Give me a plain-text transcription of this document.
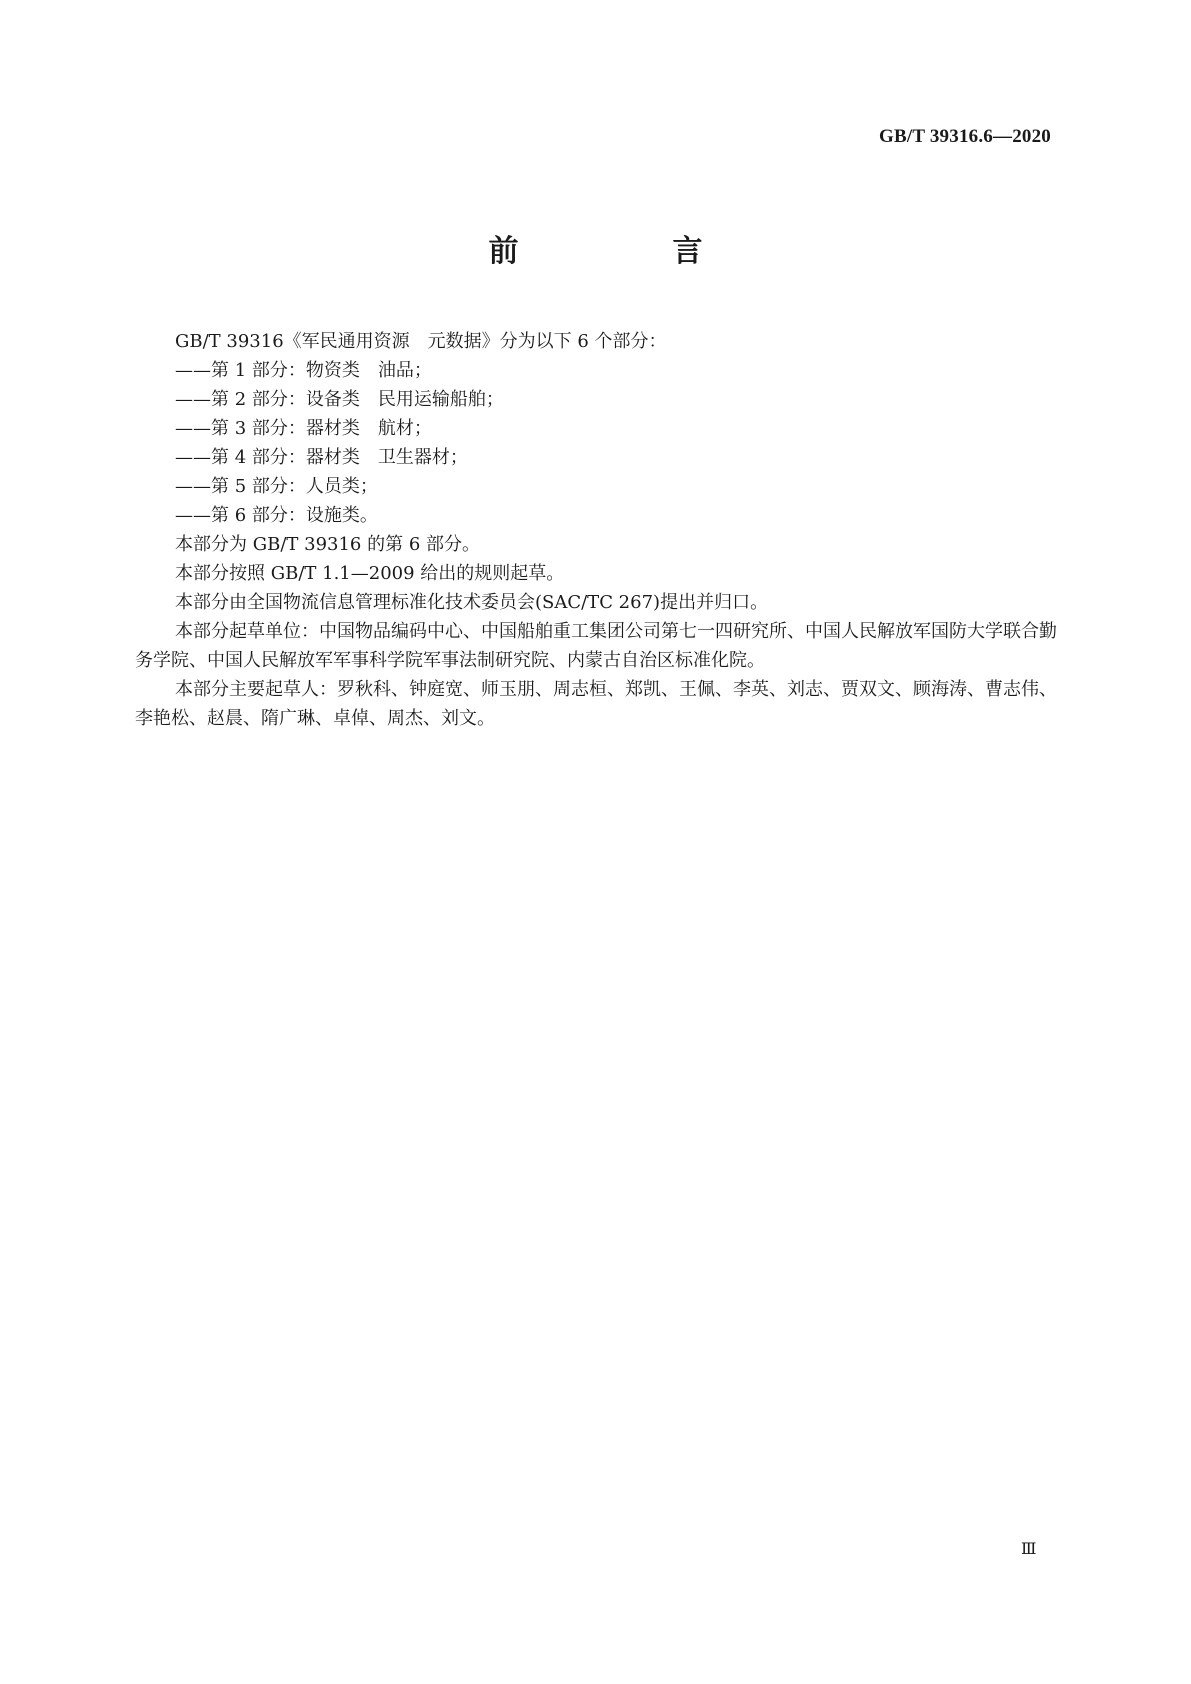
GB/T 39316.6—2020
前　言

GB/T 39316《军民通用资源　元数据》分为以下 6 个部分：

——第 1 部分：物资类　油品；

——第 2 部分：设备类　民用运输船舶；

——第 3 部分：器材类　航材；

——第 4 部分：器材类　卫生器材；

——第 5 部分：人员类；

——第 6 部分：设施类。

本部分为 GB/T 39316 的第 6 部分。

本部分按照 GB/T 1.1—2009 给出的规则起草。

本部分由全国物流信息管理标准化技术委员会(SAC/TC 267)提出并归口。

本部分起草单位：中国物品编码中心、中国船舶重工集团公司第七一四研究所、中国人民解放军国防大学联合勤务学院、中国人民解放军军事科学院军事法制研究院、内蒙古自治区标准化院。

本部分主要起草人：罗秋科、钟庭宽、师玉朋、周志桓、郑凯、王佩、李英、刘志、贾双文、顾海涛、曹志伟、李艳松、赵晨、隋广琳、卓倬、周杰、刘文。

Ⅲ
